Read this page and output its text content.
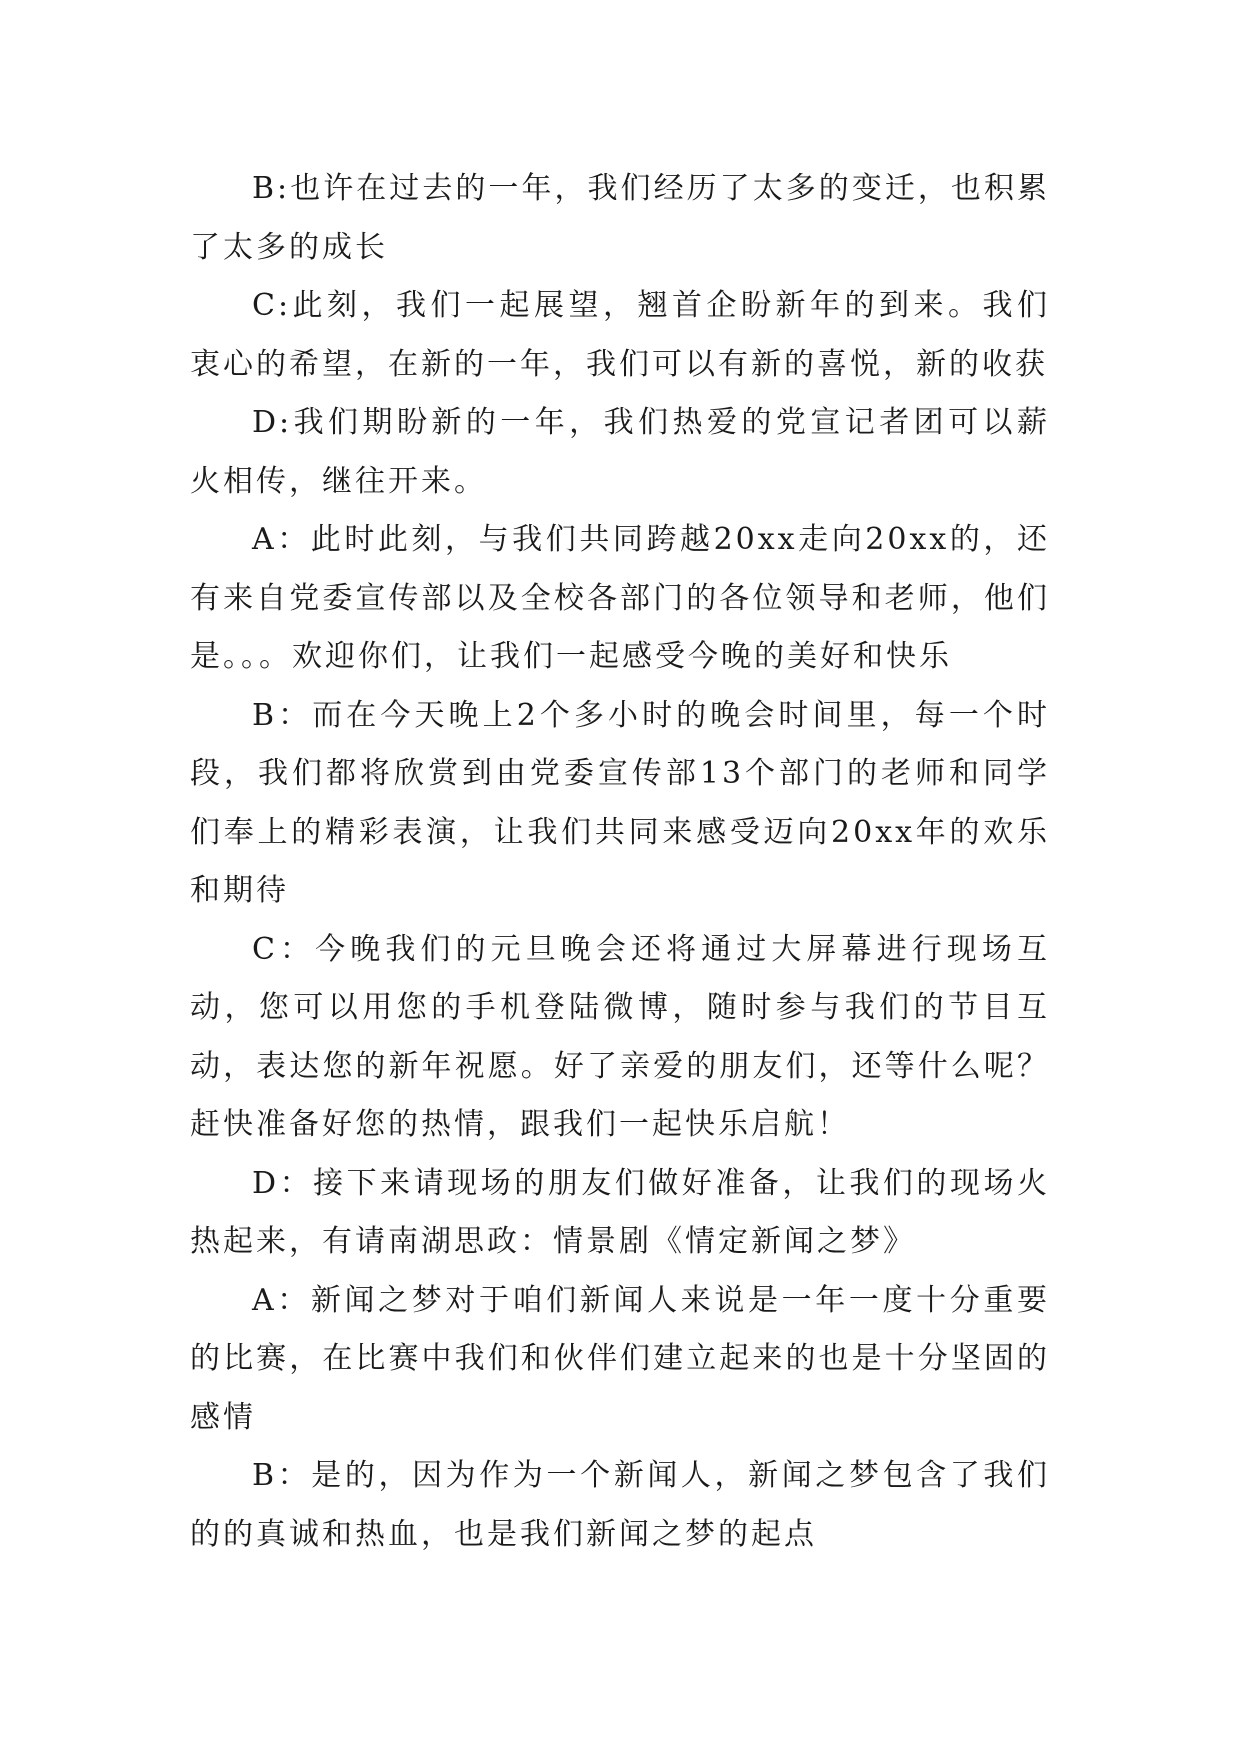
B:也许在过去的一年，我们经历了太多的变迁，也积累了太多的成长

C:此刻，我们一起展望，翘首企盼新年的到来。我们衷心的希望，在新的一年，我们可以有新的喜悦，新的收获

D:我们期盼新的一年，我们热爱的党宣记者团可以薪火相传，继往开来。

A：此时此刻，与我们共同跨越20xx走向20xx的，还有来自党委宣传部以及全校各部门的各位领导和老师，他们是。。。欢迎你们，让我们一起感受今晚的美好和快乐

B：而在今天晚上2个多小时的晚会时间里，每一个时段，我们都将欣赏到由党委宣传部13个部门的老师和同学们奉上的精彩表演，让我们共同来感受迈向20xx年的欢乐和期待

C：今晚我们的元旦晚会还将通过大屏幕进行现场互动，您可以用您的手机登陆微博，随时参与我们的节目互动，表达您的新年祝愿。好了亲爱的朋友们，还等什么呢？赶快准备好您的热情，跟我们一起快乐启航！

D：接下来请现场的朋友们做好准备，让我们的现场火热起来，有请南湖思政：情景剧《情定新闻之梦》

A：新闻之梦对于咱们新闻人来说是一年一度十分重要的比赛，在比赛中我们和伙伴们建立起来的也是十分坚固的感情

B：是的，因为作为一个新闻人，新闻之梦包含了我们的的真诚和热血，也是我们新闻之梦的起点
